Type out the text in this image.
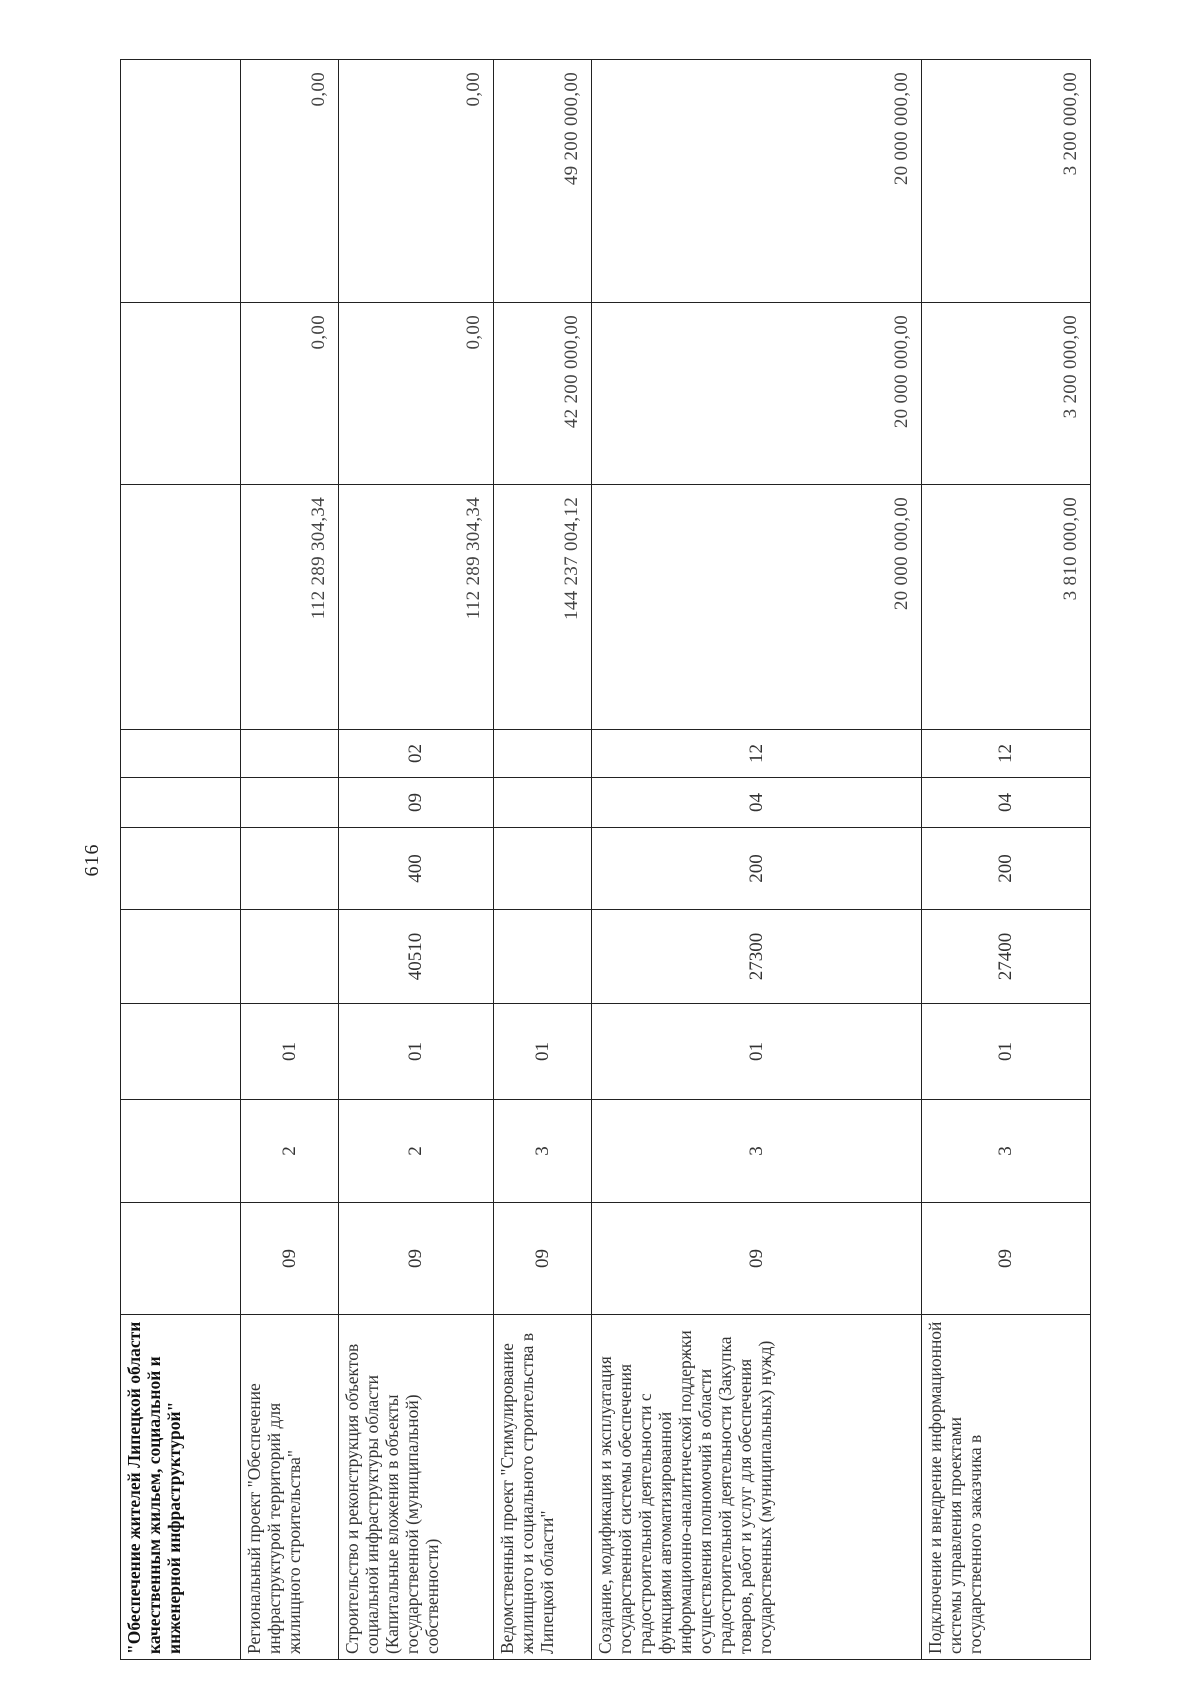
616
"Обеспечение жителей Липецкой области качественным жильем, социальной и инженерной инфраструктурой"										
Региональный проект "Обеспечение инфраструктурой территорий для жилищного строительства"	09	2	01					112 289 304,34	0,00	0,00
Строительство и реконструкция объектов социальной инфраструктуры области (Капитальные вложения в объекты государственной (муниципальной) собственности)	09	2	01	40510	400	09	02	112 289 304,34	0,00	0,00
Ведомственный проект "Стимулирование жилищного и социального строительства в Липецкой области"	09	3	01					144 237 004,12	42 200 000,00	49 200 000,00
Создание, модификация и эксплуатация государственной системы обеспечения градостроительной деятельности с функциями автоматизированной информационно-аналитической поддержки осуществления полномочий в области градостроительной деятельности (Закупка товаров, работ и услуг для обеспечения государственных (муниципальных) нужд)	09	3	01	27300	200	04	12	20 000 000,00	20 000 000,00	20 000 000,00
Подключение и внедрение информационной системы управления проектами государственного заказчика в	09	3	01	27400	200	04	12	3 810 000,00	3 200 000,00	3 200 000,00
